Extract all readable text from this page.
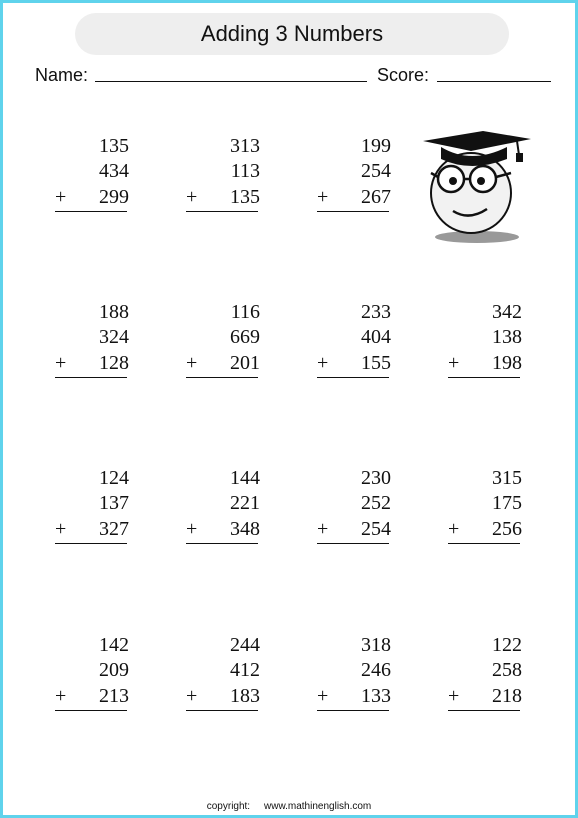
Adding 3 Numbers
Name:	Score:
135
434
299
+
313
113
135
+
199
254
267
+
188
324
128
+
116
669
201
+
233
404
155
+
342
138
198
+
124
137
327
+
144
221
348
+
230
252
254
+
315
175
256
+
142
209
213
+
244
412
183
+
318
246
133
+
122
258
218
+
copyright: www.mathinenglish.com
